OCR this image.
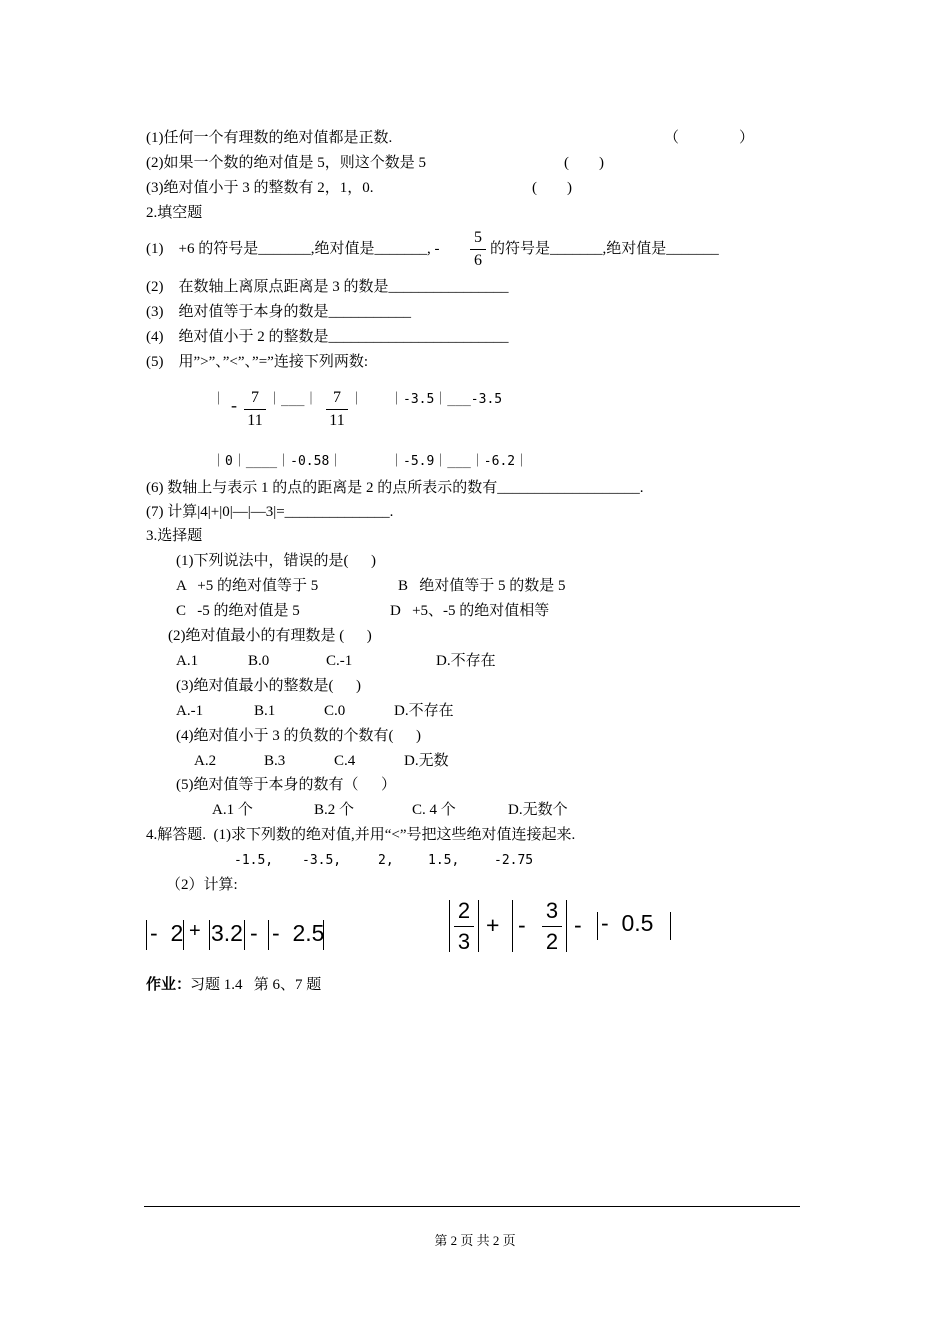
(1)任何一个有理数的绝对值都是正数.	（　　　　）
(2)如果一个数的绝对值是 5，则这个数是 5	(　　)
(3)绝对值小于 3 的整数有 2，1，0.	(　　)
2.填空题
(1)    +6 的符号是_______,绝对值是_______, -
5
6
的符号是_______,绝对值是_______
(2)    在数轴上离原点距离是 3 的数是________________
(3)    绝对值等于本身的数是___________
(4)    绝对值小于 2 的整数是________________________
(5)    用”>”、”<”、”=”连接下列两数:
｜ - 7
11
｜___｜ 7
11
｜ ｜-3.5｜___-3.5
｜0｜____｜-0.58｜	｜-5.9｜___｜-6.2｜
(6) 数轴上与表示 1 的点的距离是 2 的点所表示的数有___________________.
(7) 计算|4|+|0|—|—3|=______________.
3.选择题
(1)下列说法中，错误的是(　  )
A   +5 的绝对值等于 5	B   绝对值等于 5 的数是 5
C   -5 的绝对值是 5	D   +5、-5 的绝对值相等
(2)绝对值最小的有理数是 (　  )
A.1	B.0	C.-1	D.不存在
(3)绝对值最小的整数是(　  )
A.-1	B.1	C.0	D.不存在
(4)绝对值小于 3 的负数的个数有(　  )
A.2	B.3	C.4	D.无数
(5)绝对值等于本身的数有（　  ）
A.1 个	B.2 个	C. 4 个	D.无数个
4.解答题.  (1)求下列数的绝对值,并用“<”号把这些绝对值连接起来.
-1.5, -3.5,	2,	1.5,	-2.75
（2）计算:
-  2 + 3.2 - -  2.5
2
3
+ -
3
2
- -  0.5
作业：
习题 1.4   第 6、7 题
第 2 页 共 2 页
